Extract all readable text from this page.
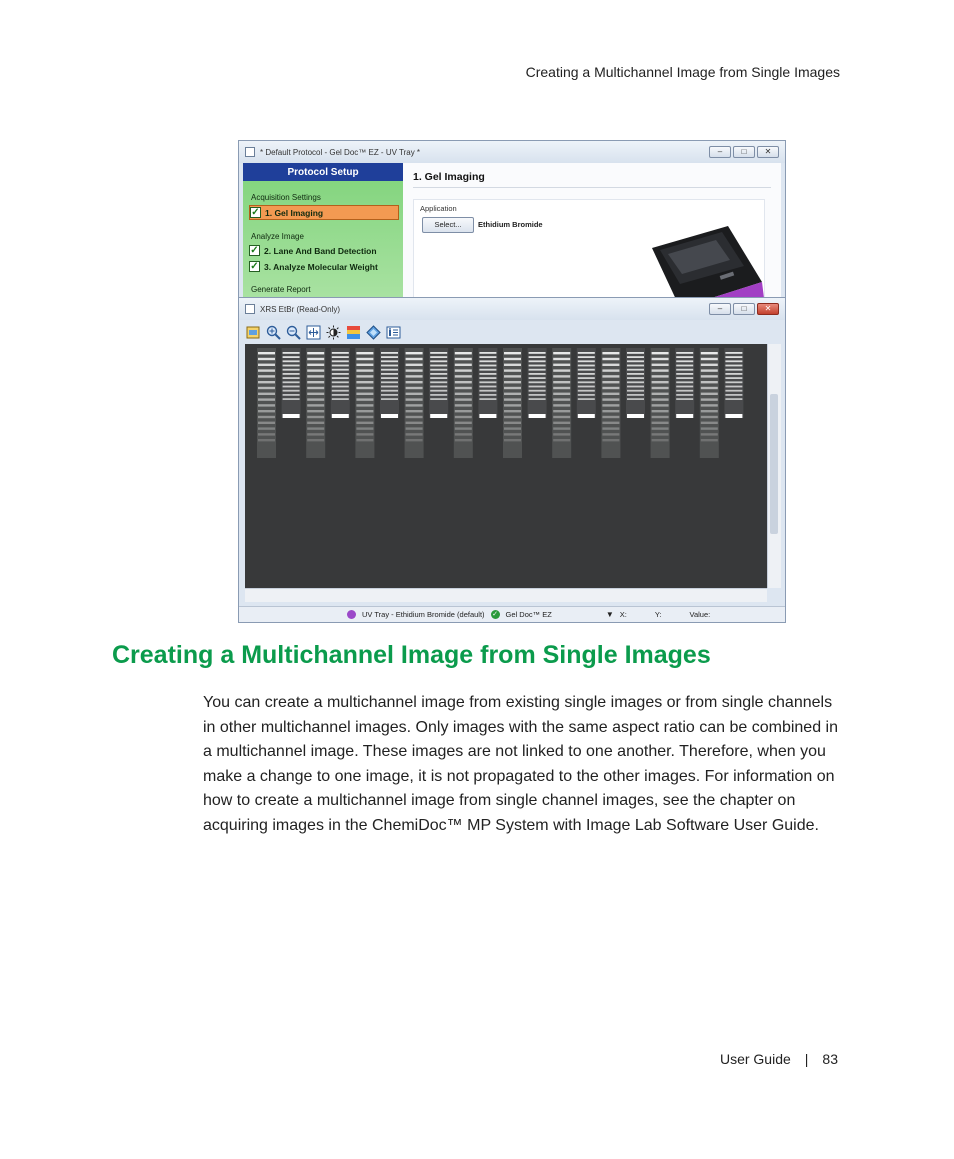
Creating a Multichannel Image from Single Images
* Default Protocol - Gel Doc™ EZ - UV Tray *	–	□	✕
Protocol Setup
Acquisition Settings
✓ 1. Gel Imaging
Analyze Image
✓ 2. Lane And Band Detection
✓ 3. Analyze Molecular Weight
Generate Report
1. Gel Imaging
Application
Select...	Ethidium Bromide
XRS EtBr (Read-Only)	–	□	✕
UV Tray - Ethidium Bromide (default) ✓ Gel Doc™ EZ	▼ X:	Y:	Value:
Creating a Multichannel Image from Single Images

You can create a multichannel image from existing single images or from single channels in other multichannel images. Only images with the same aspect ratio can be combined in a multichannel image. These images are not linked to one another. Therefore, when you make a change to one image, it is not propagated to the other images. For information on how to create a multichannel image from single channel images, see the chapter on acquiring images in the ChemiDoc™ MP System with Image Lab Software User Guide.

User Guide | 83
